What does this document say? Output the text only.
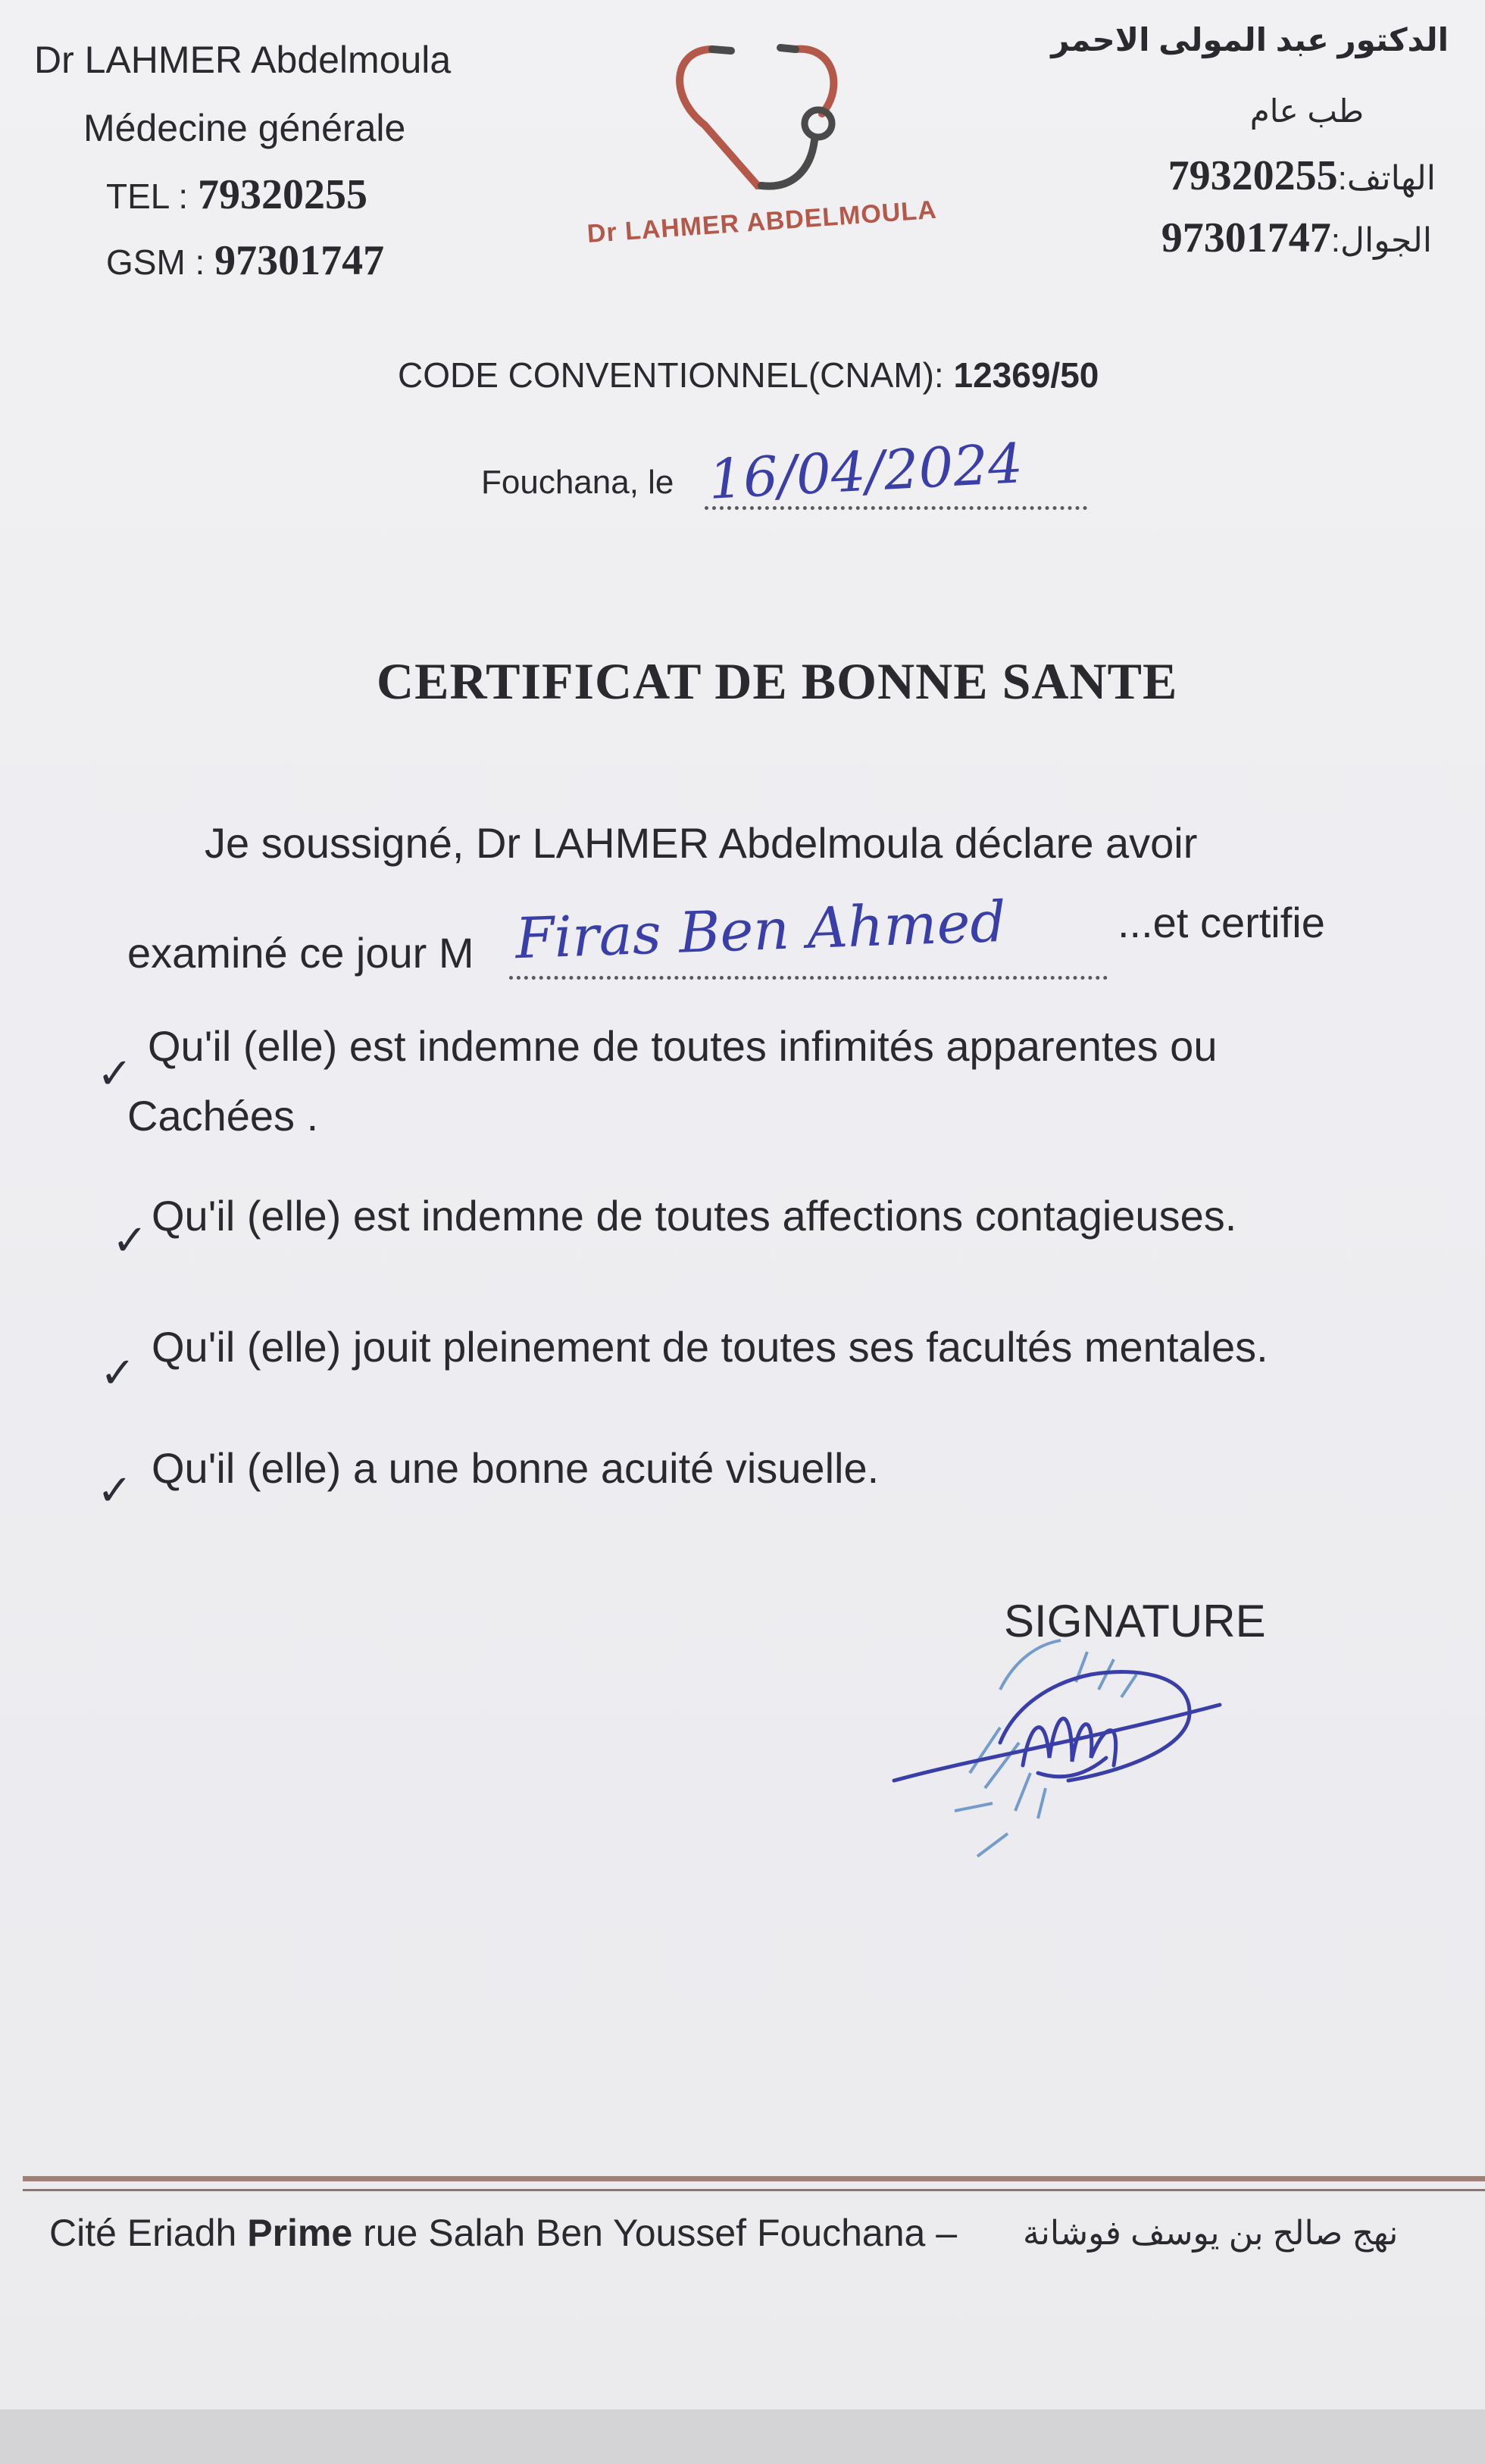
Dr LAHMER Abdelmoula
Médecine générale
TEL : 79320255
GSM : 97301747
الدكتور عبد المولى الاحمر
طب عام
79320255:الهاتف
97301747:الجوال
Dr LAHMER ABDELMOULA
CODE CONVENTIONNEL(CNAM): 12369/50
Fouchana, le 16/04/2024
CERTIFICAT DE BONNE SANTE
Je soussigné, Dr LAHMER Abdelmoula déclare avoir
examiné ce jour M Firas Ben Ahmed	...et certifie
✓
Qu'il (elle) est indemne de toutes infimités apparentes ou
Cachées .
✓
Qu'il (elle) est indemne de toutes affections contagieuses.
✓
Qu'il (elle) jouit pleinement de toutes ses facultés mentales.
✓ Qu'il (elle) a une bonne acuité visuelle.
SIGNATURE
Cité Eriadh Prime rue Salah Ben Youssef Fouchana – نهج صالح بن يوسف فوشانة
